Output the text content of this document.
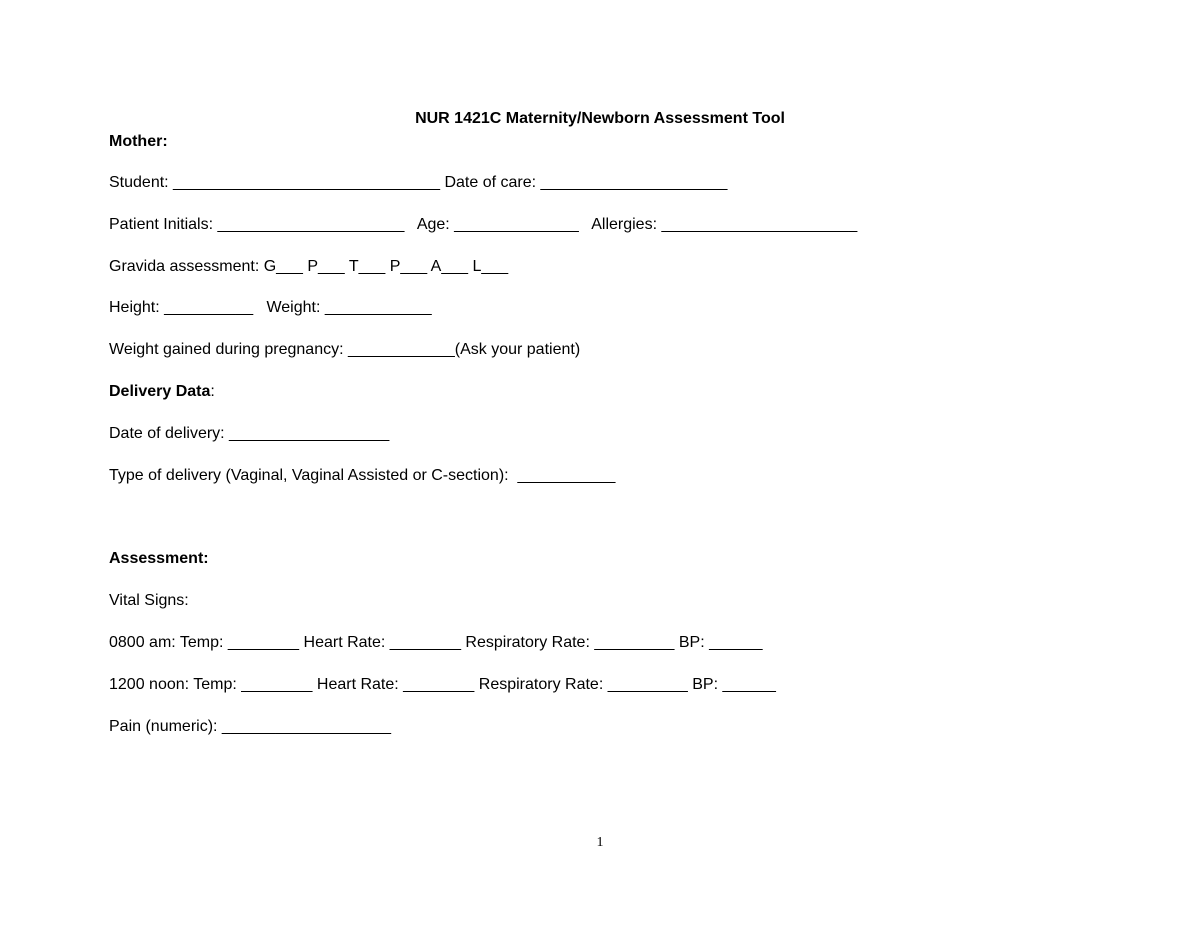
NUR 1421C Maternity/Newborn Assessment Tool
Mother:
Student: ______________________________ Date of care: _____________________
Patient Initials: _____________________   Age: ______________   Allergies: ______________________
Gravida assessment: G___ P___ T___ P___ A___ L___
Height: __________   Weight: ____________
Weight gained during pregnancy: ____________(Ask your patient)
Delivery Data:
Date of delivery: __________________
Type of delivery (Vaginal, Vaginal Assisted or C-section):  ___________
Assessment:
Vital Signs:
0800 am: Temp: ________ Heart Rate: ________ Respiratory Rate: _________ BP: ______
1200 noon: Temp: ________ Heart Rate: ________ Respiratory Rate: _________ BP: ______
Pain (numeric): ___________________
1
